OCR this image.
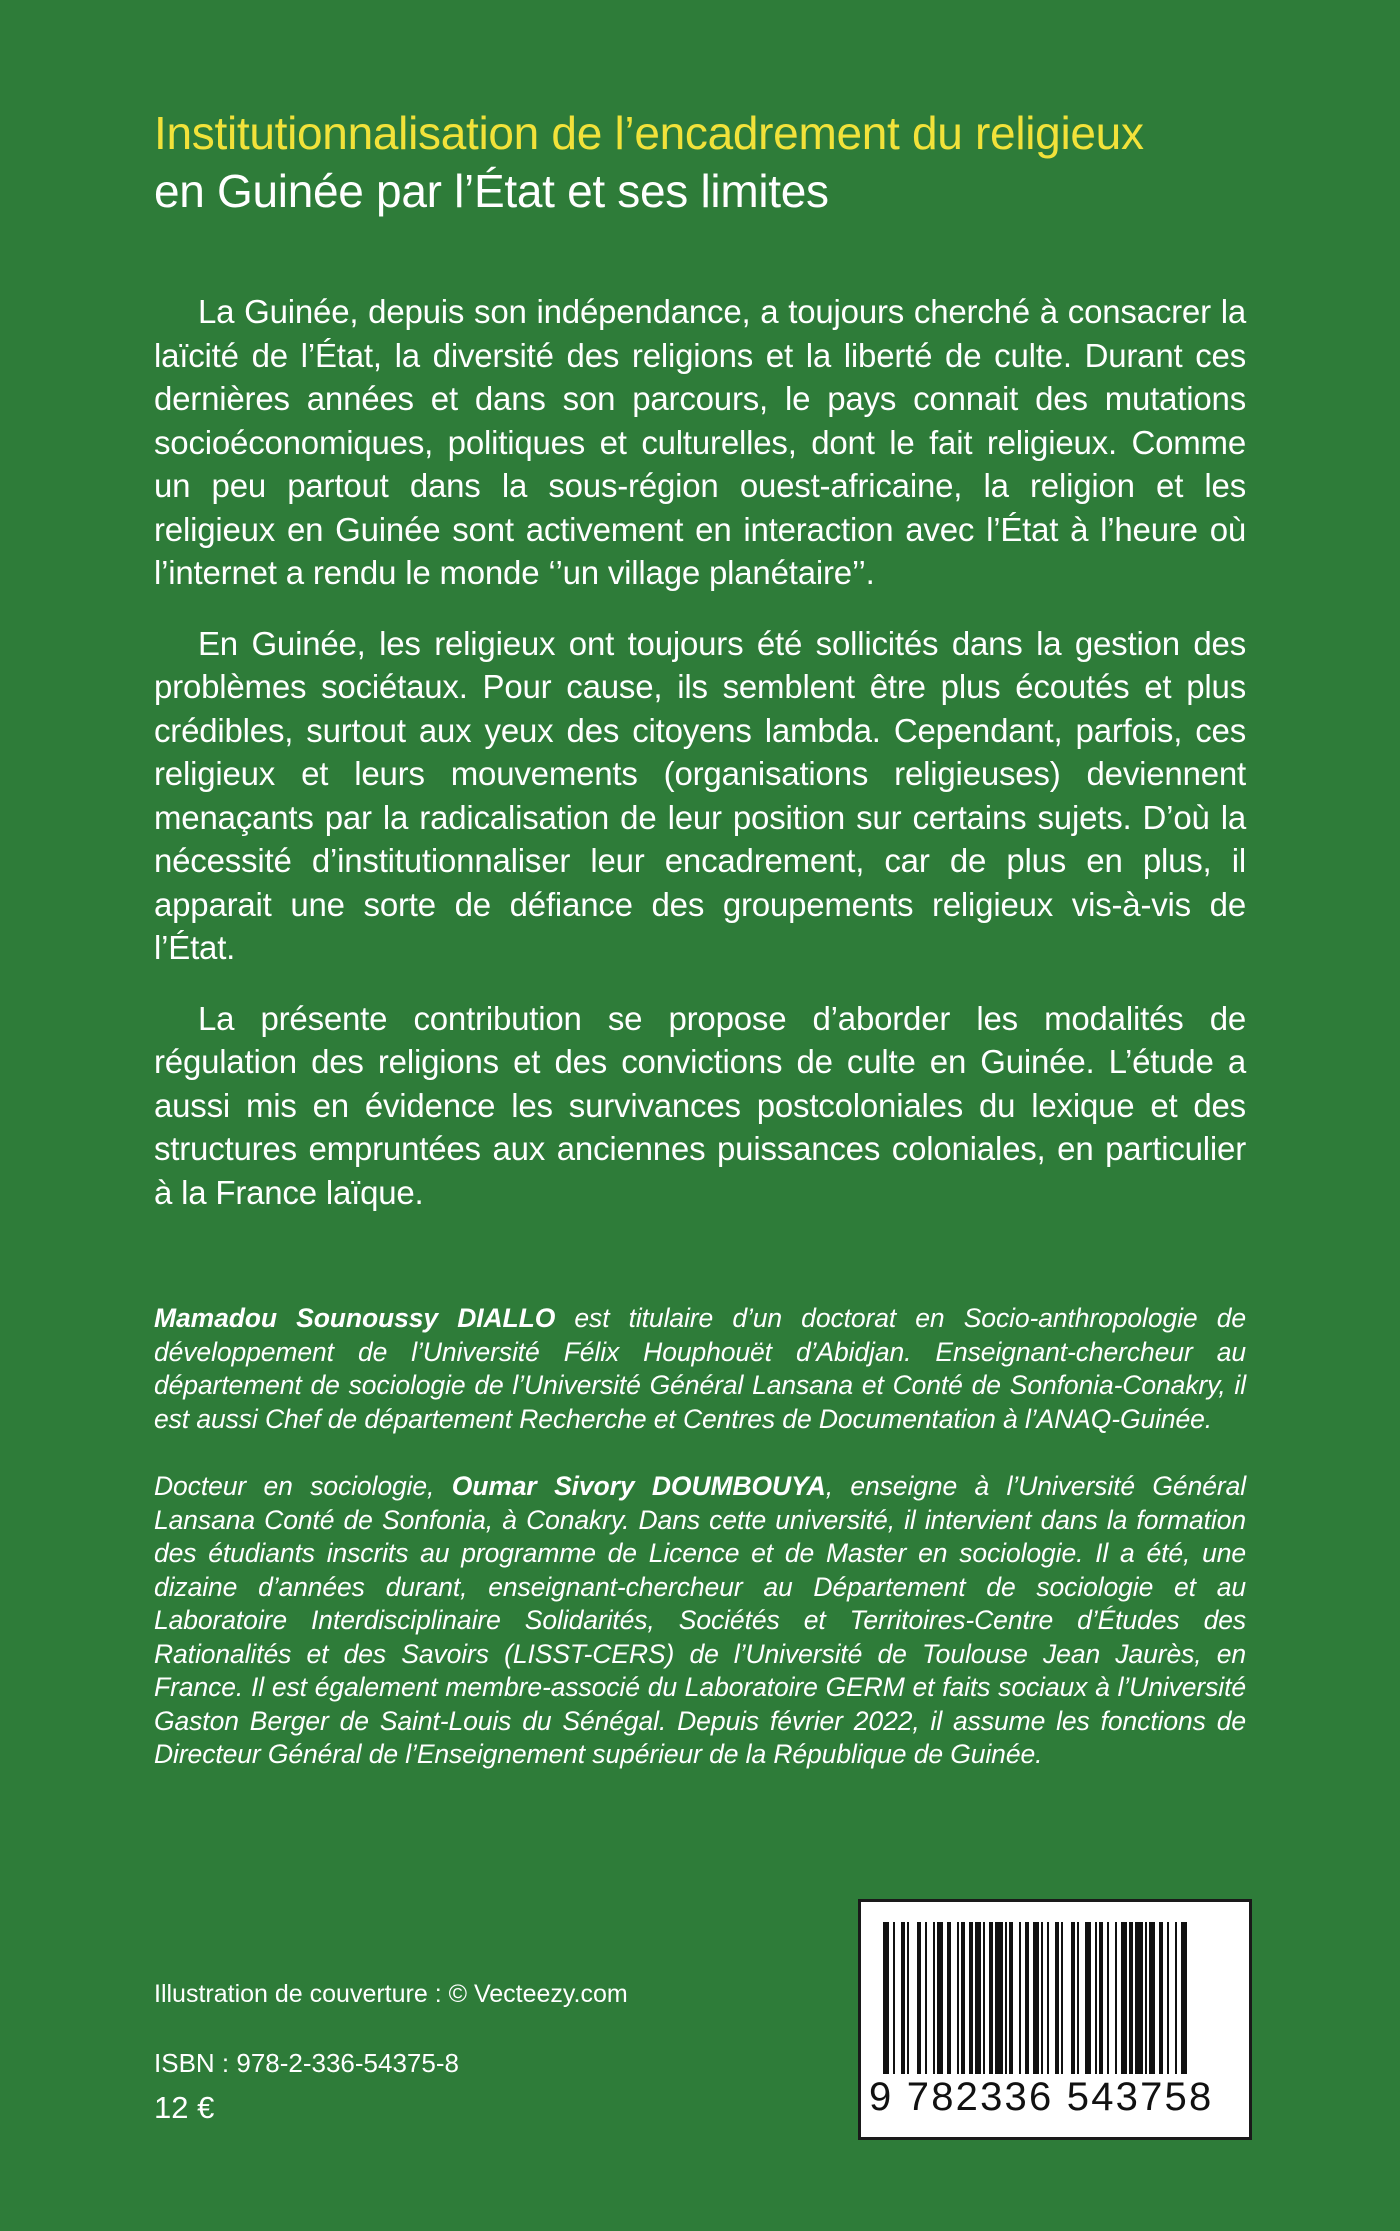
Institutionnalisation de l’encadrement du religieux

en Guinée par l’État et ses limites

La Guinée, depuis son indépendance, a toujours cherché à consacrer la laïcité de l’État, la diversité des religions et la liberté de culte. Durant ces dernières années et dans son parcours, le pays connait des mutations socioéconomiques, politiques et culturelles, dont le fait religieux. Comme un peu partout dans la sous-région ouest-africaine, la religion et les religieux en Guinée sont activement en interaction avec l’État à l’heure où l’internet a rendu le monde ‘’un village planétaire’’.

En Guinée, les religieux ont toujours été sollicités dans la gestion des problèmes sociétaux. Pour cause, ils semblent être plus écoutés et plus crédibles, surtout aux yeux des citoyens lambda. Cependant, parfois, ces religieux et leurs mouvements (organisations religieuses) deviennent menaçants par la radicalisation de leur position sur certains sujets. D’où la nécessité d’institutionnaliser leur encadrement, car de plus en plus, il apparait une sorte de défiance des groupements religieux vis-à-vis de l’État.

La présente contribution se propose d’aborder les modalités de régulation des religions et des convictions de culte en Guinée. L’étude a aussi mis en évidence les survivances postcoloniales du lexique et des structures empruntées aux anciennes puissances coloniales, en particulier à la France laïque.

Mamadou Sounoussy DIALLO est titulaire d’un doctorat en Socio-anthropologie de développement de l’Université Félix Houphouët d’Abidjan. Enseignant-chercheur au département de sociologie de l’Université Général Lansana et Conté de Sonfonia-Conakry, il est aussi Chef de département Recherche et Centres de Documentation à l’ANAQ-Guinée.

Docteur en sociologie, Oumar Sivory DOUMBOUYA, enseigne à l’Université Général Lansana Conté de Sonfonia, à Conakry. Dans cette université, il intervient dans la formation des étudiants inscrits au programme de Licence et de Master en sociologie. Il a été, une dizaine d’années durant, enseignant-chercheur au Département de sociologie et au Laboratoire Interdisciplinaire Solidarités, Sociétés et Territoires-Centre d’Études des Rationalités et des Savoirs (LISST-CERS) de l’Université de Toulouse Jean Jaurès, en France. Il est également membre-associé du Laboratoire GERM et faits sociaux à l’Université Gaston Berger de Saint-Louis du Sénégal. Depuis février 2022, il assume les fonctions de Directeur Général de l’Enseignement supérieur de la République de Guinée.

Illustration de couverture : © Vecteezy.com
ISBN : 978-2-336-54375-8
12 €	9 782336 543758
